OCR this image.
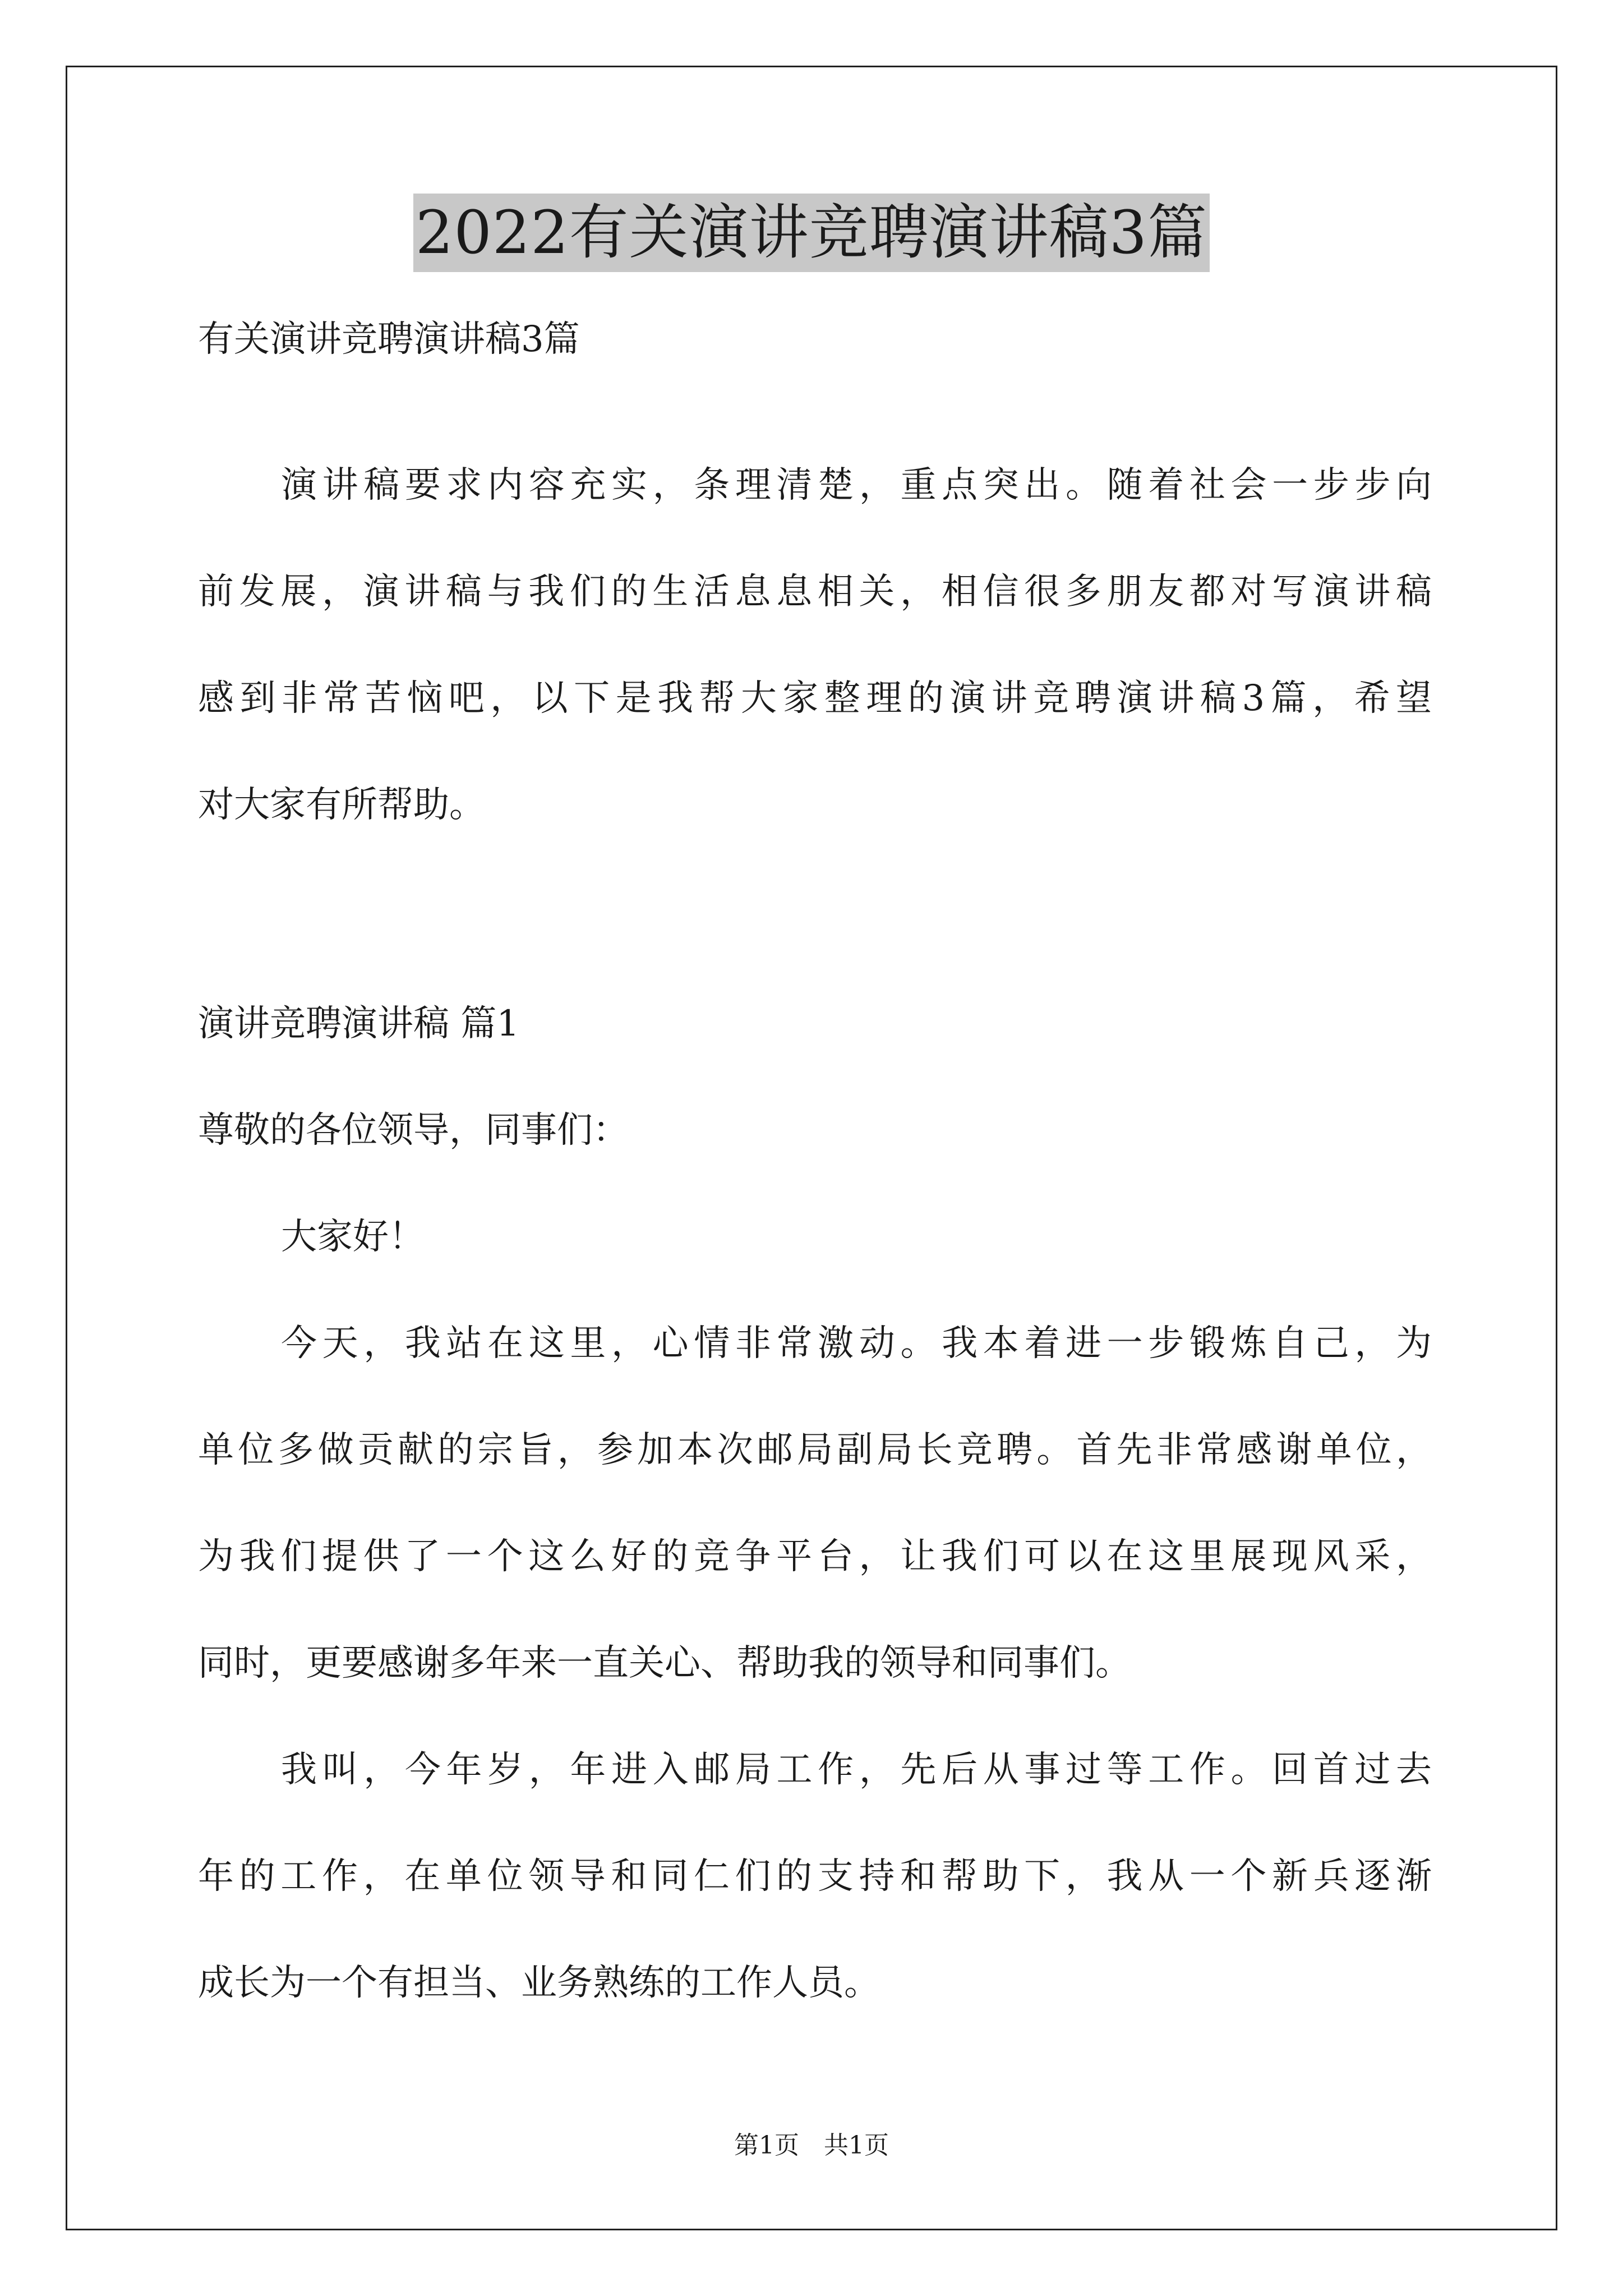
2022有关演讲竞聘演讲稿3篇
有关演讲竞聘演讲稿3篇
演讲稿要求内容充实，条理清楚，重点突出。随着社会一步步向
前发展，演讲稿与我们的生活息息相关，相信很多朋友都对写演讲稿
感到非常苦恼吧，以下是我帮大家整理的演讲竞聘演讲稿3篇，希望
对大家有所帮助。
演讲竞聘演讲稿 篇1
尊敬的各位领导，同事们：
大家好！
今天，我站在这里，心情非常激动。我本着进一步锻炼自己，为
单位多做贡献的宗旨，参加本次邮局副局长竞聘。首先非常感谢单位，
为我们提供了一个这么好的竞争平台，让我们可以在这里展现风采，
同时，更要感谢多年来一直关心、帮助我的领导和同事们。
我叫，今年岁，年进入邮局工作，先后从事过等工作。回首过去
年的工作，在单位领导和同仁们的支持和帮助下，我从一个新兵逐渐
成长为一个有担当、业务熟练的工作人员。
第1页　共1页
